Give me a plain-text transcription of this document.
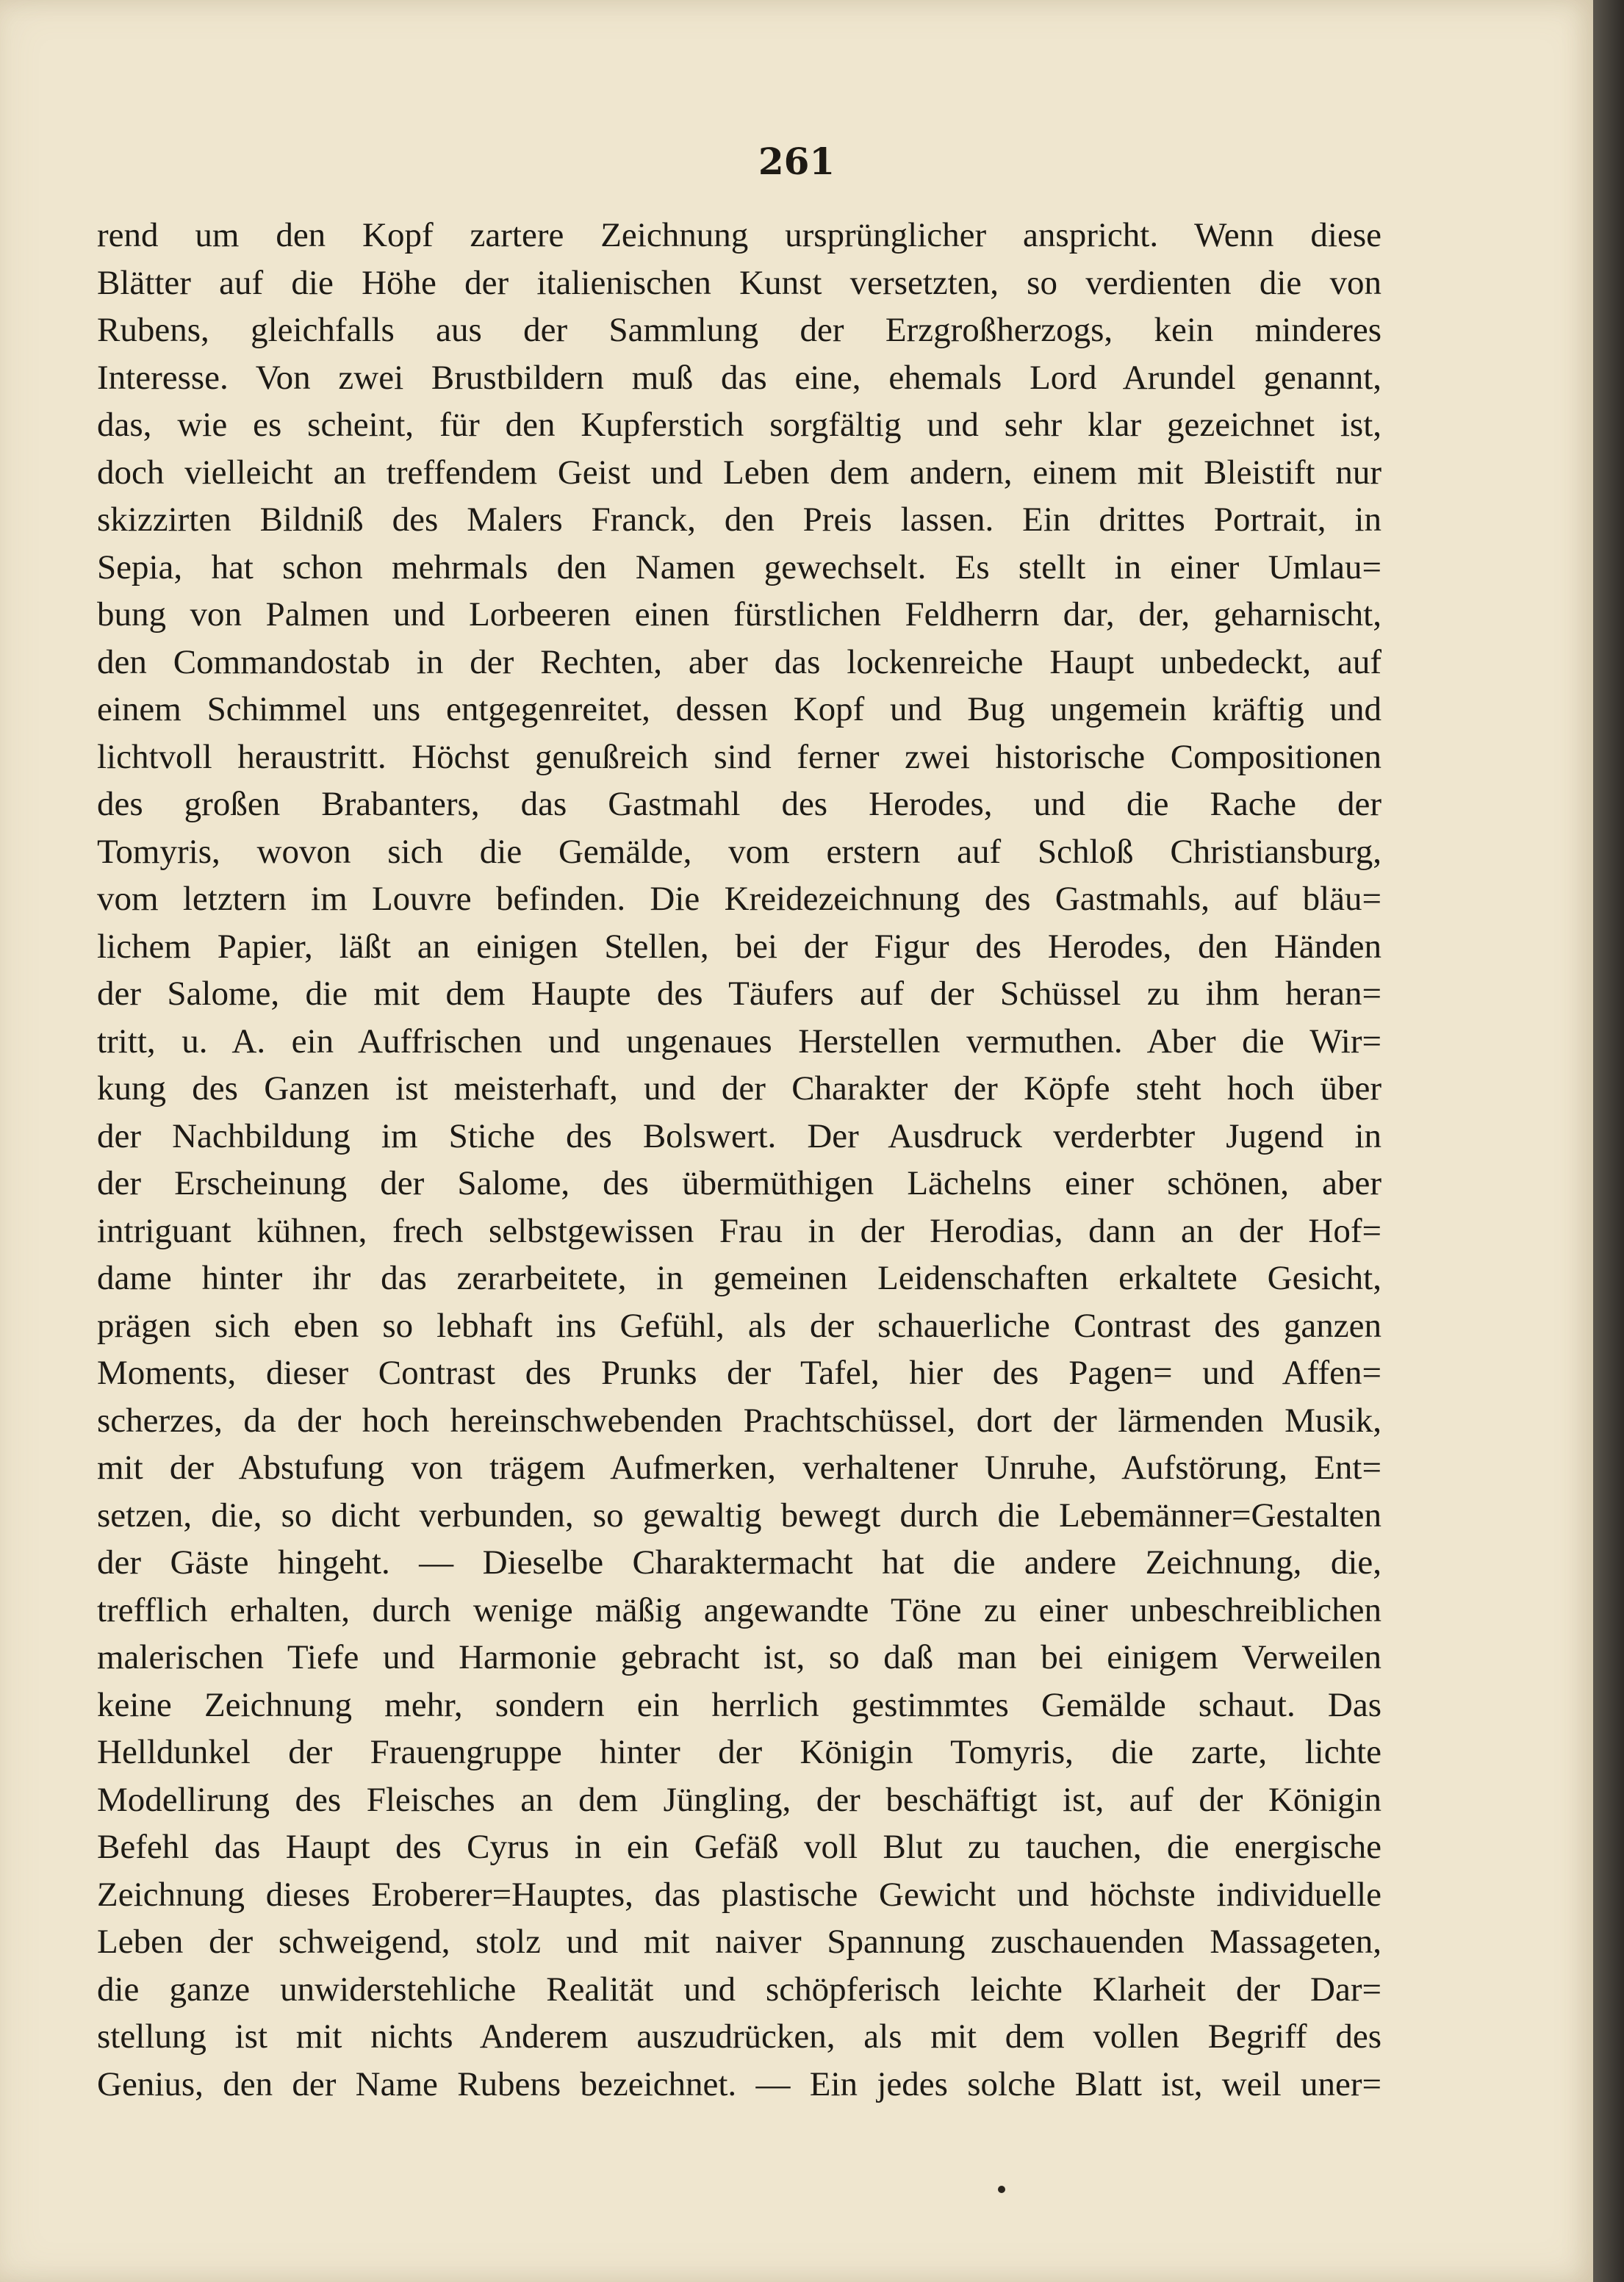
261
rend um den Kopf zartere Zeichnung ursprünglicher anspricht. Wenn diese
Blätter auf die Höhe der italienischen Kunst versetzten, so verdienten die von
Rubens, gleichfalls aus der Sammlung der Erzgroßherzogs, kein minderes
Interesse. Von zwei Brustbildern muß das eine, ehemals Lord Arundel genannt,
das, wie es scheint, für den Kupferstich sorgfältig und sehr klar gezeichnet ist,
doch vielleicht an treffendem Geist und Leben dem andern, einem mit Bleistift nur
skizzirten Bildniß des Malers Franck, den Preis lassen. Ein drittes Portrait, in
Sepia, hat schon mehrmals den Namen gewechselt. Es stellt in einer Umlau=
bung von Palmen und Lorbeeren einen fürstlichen Feldherrn dar, der, geharnischt,
den Commandostab in der Rechten, aber das lockenreiche Haupt unbedeckt, auf
einem Schimmel uns entgegenreitet, dessen Kopf und Bug ungemein kräftig und
lichtvoll heraustritt. Höchst genußreich sind ferner zwei historische Compositionen
des großen Brabanters, das Gastmahl des Herodes, und die Rache der
Tomyris, wovon sich die Gemälde, vom erstern auf Schloß Christiansburg,
vom letztern im Louvre befinden. Die Kreidezeichnung des Gastmahls, auf bläu=
lichem Papier, läßt an einigen Stellen, bei der Figur des Herodes, den Händen
der Salome, die mit dem Haupte des Täufers auf der Schüssel zu ihm heran=
tritt, u. A. ein Auffrischen und ungenaues Herstellen vermuthen. Aber die Wir=
kung des Ganzen ist meisterhaft, und der Charakter der Köpfe steht hoch über
der Nachbildung im Stiche des Bolswert. Der Ausdruck verderbter Jugend in
der Erscheinung der Salome, des übermüthigen Lächelns einer schönen, aber
intriguant kühnen, frech selbstgewissen Frau in der Herodias, dann an der Hof=
dame hinter ihr das zerarbeitete, in gemeinen Leidenschaften erkaltete Gesicht,
prägen sich eben so lebhaft ins Gefühl, als der schauerliche Contrast des ganzen
Moments, dieser Contrast des Prunks der Tafel, hier des Pagen= und Affen=
scherzes, da der hoch hereinschwebenden Prachtschüssel, dort der lärmenden Musik,
mit der Abstufung von trägem Aufmerken, verhaltener Unruhe, Aufstörung, Ent=
setzen, die, so dicht verbunden, so gewaltig bewegt durch die Lebemänner=Gestalten
der Gäste hingeht. — Dieselbe Charaktermacht hat die andere Zeichnung, die,
trefflich erhalten, durch wenige mäßig angewandte Töne zu einer unbeschreiblichen
malerischen Tiefe und Harmonie gebracht ist, so daß man bei einigem Verweilen
keine Zeichnung mehr, sondern ein herrlich gestimmtes Gemälde schaut. Das
Helldunkel der Frauengruppe hinter der Königin Tomyris, die zarte, lichte
Modellirung des Fleisches an dem Jüngling, der beschäftigt ist, auf der Königin
Befehl das Haupt des Cyrus in ein Gefäß voll Blut zu tauchen, die energische
Zeichnung dieses Eroberer=Hauptes, das plastische Gewicht und höchste individuelle
Leben der schweigend, stolz und mit naiver Spannung zuschauenden Massageten,
die ganze unwiderstehliche Realität und schöpferisch leichte Klarheit der Dar=
stellung ist mit nichts Anderem auszudrücken, als mit dem vollen Begriff des
Genius, den der Name Rubens bezeichnet. — Ein jedes solche Blatt ist, weil uner=
